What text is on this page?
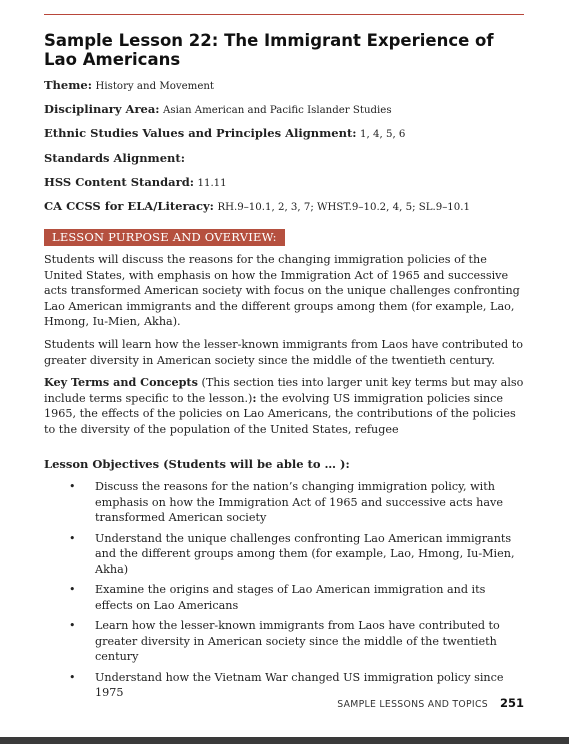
Sample Lesson 22: The Immigrant Experience of Lao Americans
Theme: History and Movement
Disciplinary Area: Asian American and Pacific Islander Studies
Ethnic Studies Values and Principles Alignment: 1, 4, 5, 6
Standards Alignment:
HSS Content Standard: 11.11
CA CCSS for ELA/Literacy: RH.9–10.1, 2, 3, 7; WHST.9–10.2, 4, 5; SL.9–10.1
LESSON PURPOSE AND OVERVIEW:

Students will discuss the reasons for the changing immigration policies of the United States, with emphasis on how the Immigration Act of 1965 and successive acts transformed American society with focus on the unique challenges confronting Lao American immigrants and the different groups among them (for example, Lao, Hmong, Iu-Mien, Akha).

Students will learn how the lesser-known immigrants from Laos have contributed to greater diversity in American society since the middle of the twentieth century.

Key Terms and Concepts (This section ties into larger unit key terms but may also include terms specific to the lesson.): the evolving US immigration policies since 1965, the effects of the policies on Lao Americans, the contributions of the policies to the diversity of the population of the United States, refugee

Lesson Objectives (Students will be able to … ):
• Discuss the reasons for the nation’s changing immigration policy, with emphasis on how the Immigration Act of 1965 and successive acts have transformed American society
• Understand the unique challenges confronting Lao American immigrants and the different groups among them (for example, Lao, Hmong, Iu-Mien, Akha)
• Examine the origins and stages of Lao American immigration and its effects on Lao Americans
• Learn how the lesser-known immigrants from Laos have contributed to greater diversity in American society since the middle of the twentieth century
• Understand how the Vietnam War changed US immigration policy since 1975
SAMPLE LESSONS AND TOPICS 251
